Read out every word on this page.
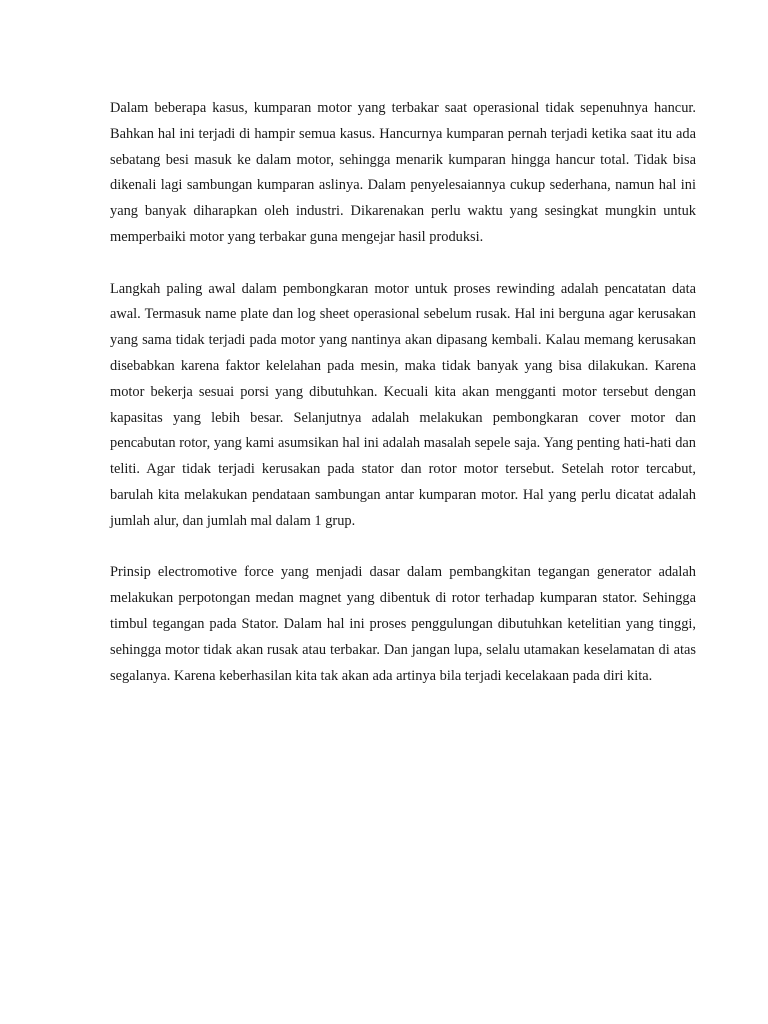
Dalam beberapa kasus, kumparan motor yang terbakar saat operasional tidak sepenuhnya hancur. Bahkan hal ini terjadi di hampir semua kasus. Hancurnya kumparan pernah terjadi ketika saat itu ada sebatang besi masuk ke dalam motor, sehingga menarik kumparan hingga hancur total. Tidak bisa dikenali lagi sambungan kumparan aslinya. Dalam penyelesaiannya cukup sederhana, namun hal ini yang banyak diharapkan oleh industri. Dikarenakan perlu waktu yang sesingkat mungkin untuk memperbaiki motor yang terbakar guna mengejar hasil produksi.

Langkah paling awal dalam pembongkaran motor untuk proses rewinding adalah pencatatan data awal. Termasuk name plate dan log sheet operasional sebelum rusak. Hal ini berguna agar kerusakan yang sama tidak terjadi pada motor yang nantinya akan dipasang kembali. Kalau memang kerusakan disebabkan karena faktor kelelahan pada mesin, maka tidak banyak yang bisa dilakukan. Karena motor bekerja sesuai porsi yang dibutuhkan. Kecuali kita akan mengganti motor tersebut dengan kapasitas yang lebih besar. Selanjutnya adalah melakukan pembongkaran cover motor dan pencabutan rotor, yang kami asumsikan hal ini adalah masalah sepele saja. Yang penting hati-hati dan teliti. Agar tidak terjadi kerusakan pada stator dan rotor motor tersebut. Setelah rotor tercabut, barulah kita melakukan pendataan sambungan antar kumparan motor. Hal yang perlu dicatat adalah jumlah alur, dan jumlah mal dalam 1 grup.

Prinsip electromotive force yang menjadi dasar dalam pembangkitan tegangan generator adalah melakukan perpotongan medan magnet yang dibentuk di rotor terhadap kumparan stator. Sehingga timbul tegangan pada Stator. Dalam hal ini proses penggulungan dibutuhkan ketelitian yang tinggi, sehingga motor tidak akan rusak atau terbakar. Dan jangan lupa, selalu utamakan keselamatan di atas segalanya. Karena keberhasilan kita tak akan ada artinya bila terjadi kecelakaan pada diri kita.
